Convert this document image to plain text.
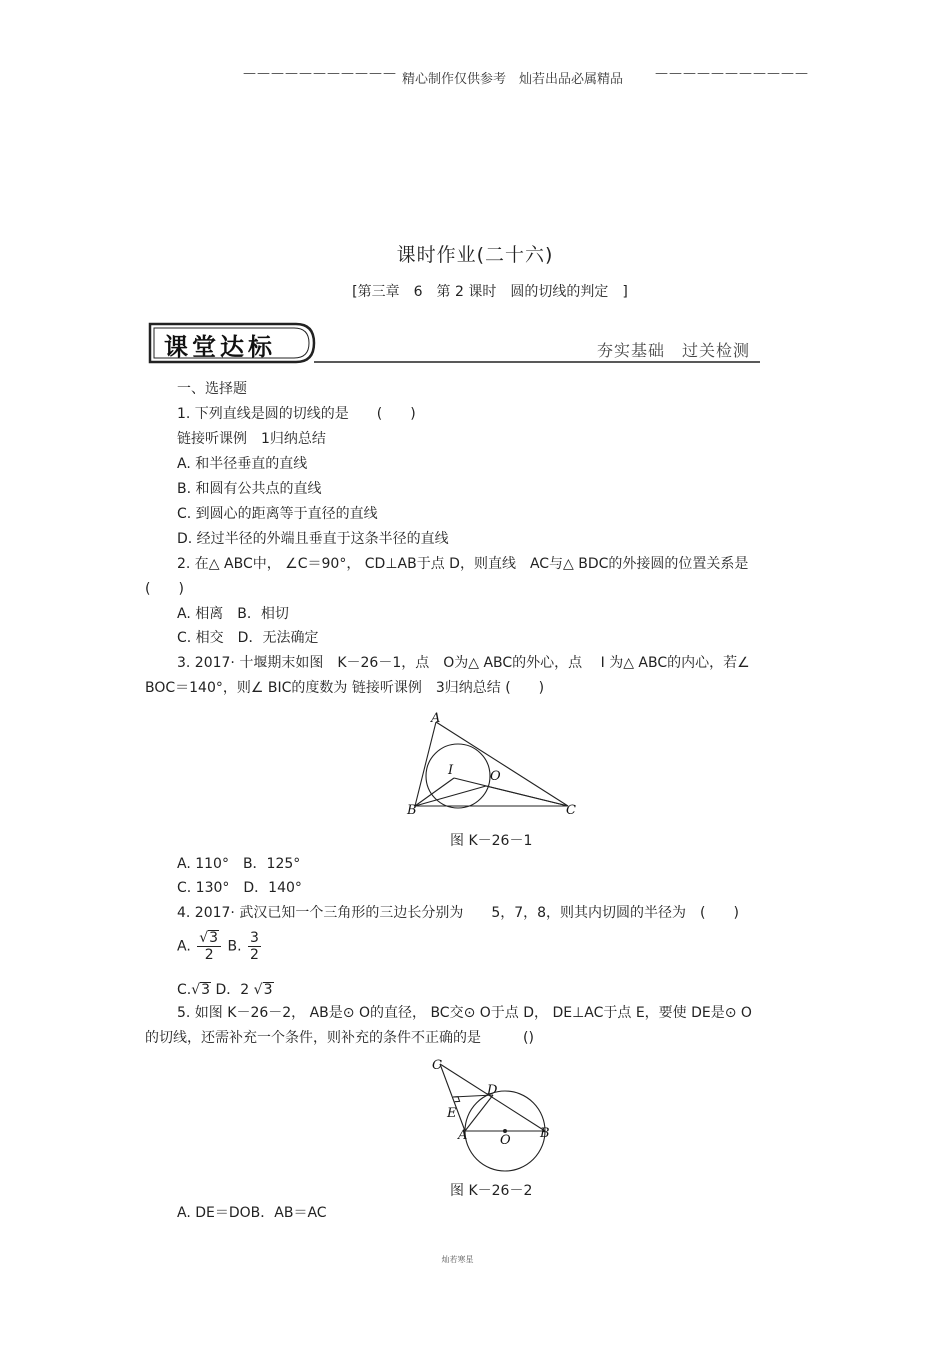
——————————— 精心制作仅供参考　灿若出品必属精品 ———————————
课时作业(二十六)
[第三章　6　第 2 课时　圆的切线的判定　]
课堂达标	夯实基础　过关检测
一、选择题
1. 下列直线是圆的切线的是　　(　　)
链接听课例　1归纳总结
A. 和半径垂直的直线
B. 和圆有公共点的直线
C. 到圆心的距离等于直径的直线
D. 经过半径的外端且垂直于这条半径的直线
2. 在△ ABC中， ∠C＝90°， CD⊥AB于点 D，则直线　AC与△ BDC的外接圆的位置关系是
(　　)
A. 相离　B．相切
C. 相交　D．无法确定
3. 2017· 十堰期末如图　K－26－1，点　O为△ ABC的外心，点　 I 为△ ABC的内心，若∠
BOC＝140°，则∠ BIC的度数为 链接听课例　3归纳总结 (　　)
A
B	C
I	O
图 K－26－1
A. 110°　B．125°
C. 130°　D．140°
4. 2017· 武汉已知一个三角形的三边长分别为　　5，7，8，则其内切圆的半径为　(　　)
A. $\frac{√3}{2} B$. $\frac{3}{2}$
C.√3 D．2 √3
5. 如图 K－26－2， AB是⊙ O的直径， BC交⊙ O于点 D， DE⊥AC于点 E，要使 DE是⊙ O
的切线，还需补充一个条件，则补充的条件不正确的是　　　()
C
D
E
A	O B
图 K－26－2
A. DE＝DOB．AB＝AC
灿若寒星
